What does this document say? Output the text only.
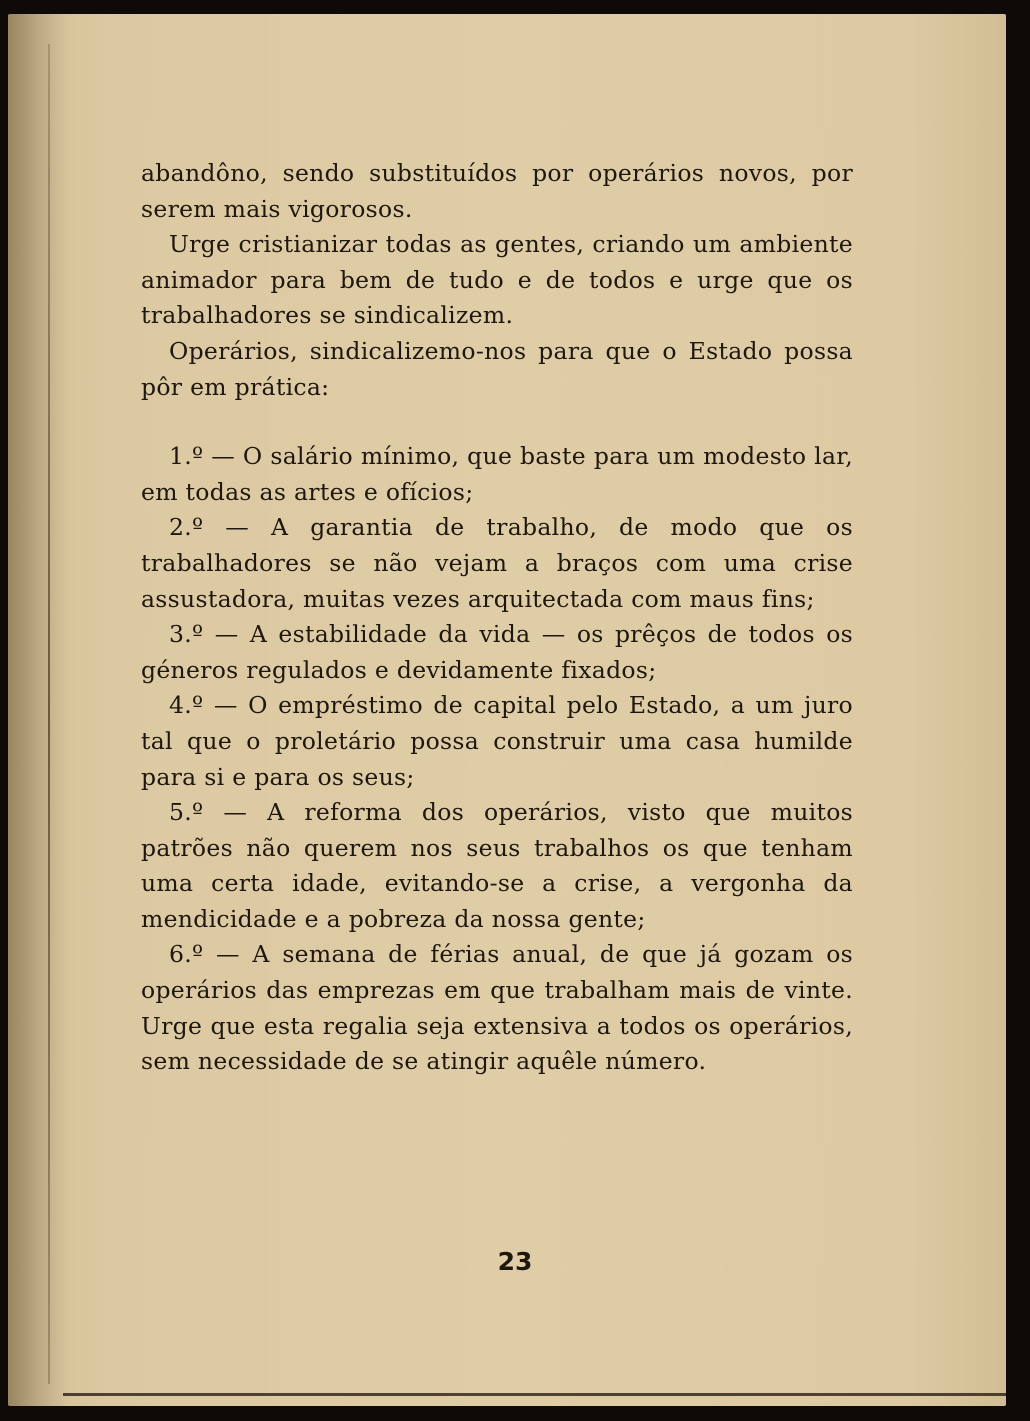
abandôno, sendo substituídos por operários novos, por serem mais vigorosos.

Urge cristianizar todas as gentes, criando um ambiente animador para bem de tudo e de todos e urge que os trabalhadores se sindicalizem.

Operários, sindicalizemo-nos para que o Estado possa pôr em prática:

1.º — O salário mínimo, que baste para um modesto lar, em todas as artes e ofícios;

2.º — A garantia de trabalho, de modo que os trabalhadores se não vejam a braços com uma crise assustadora, muitas vezes arquitectada com maus fins;

3.º — A estabilidade da vida — os prêços de todos os géneros regulados e devidamente fixados;

4.º — O empréstimo de capital pelo Estado, a um juro tal que o proletário possa construir uma casa humilde para si e para os seus;

5.º — A reforma dos operários, visto que muitos patrões não querem nos seus trabalhos os que tenham uma certa idade, evitando-se a crise, a vergonha da mendicidade e a pobreza da nossa gente;

6.º — A semana de férias anual, de que já gozam os operários das emprezas em que trabalham mais de vinte. Urge que esta regalia seja extensiva a todos os operários, sem necessidade de se atingir aquêle número.

23
